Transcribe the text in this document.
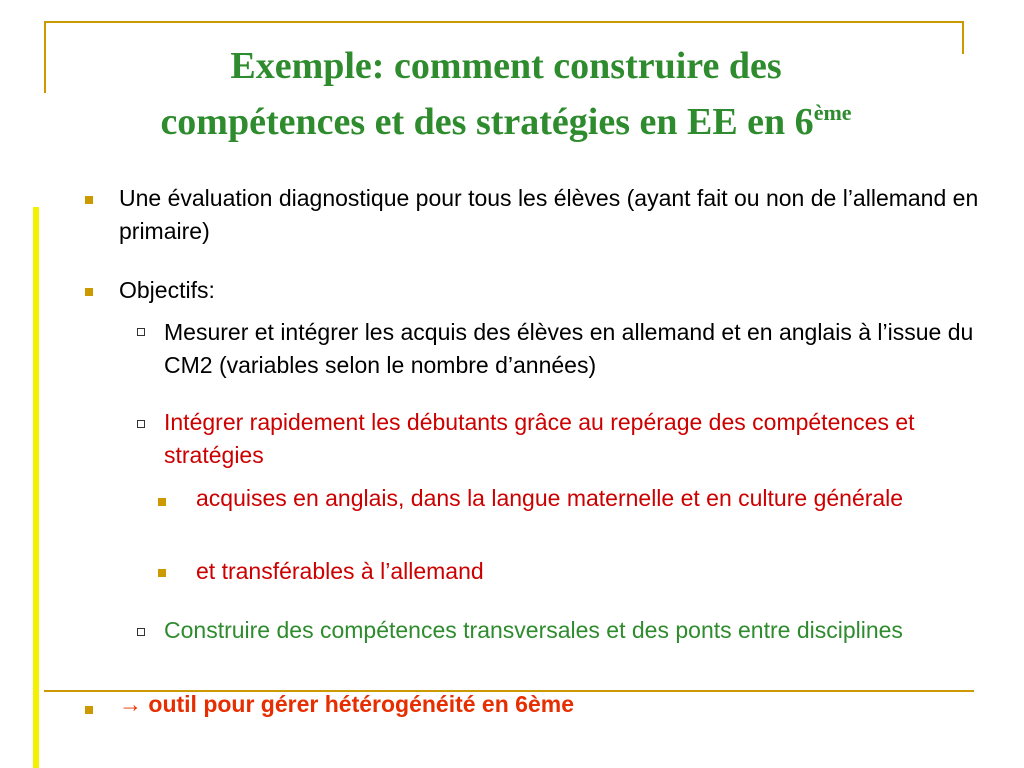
Exemple: comment construire des
compétences et des stratégies en EE en 6ème
Une évaluation diagnostique pour tous les élèves (ayant fait ou non de l’allemand en primaire)
Objectifs:
Mesurer et intégrer les acquis des élèves en allemand et en anglais à l’issue du CM2 (variables selon le nombre d’années)
Intégrer rapidement les débutants grâce au repérage des compétences et stratégies
acquises en anglais, dans la langue maternelle et en culture générale
et transférables à l’allemand
Construire des compétences transversales et des ponts entre disciplines
→ outil pour gérer hétérogénéité en 6ème
